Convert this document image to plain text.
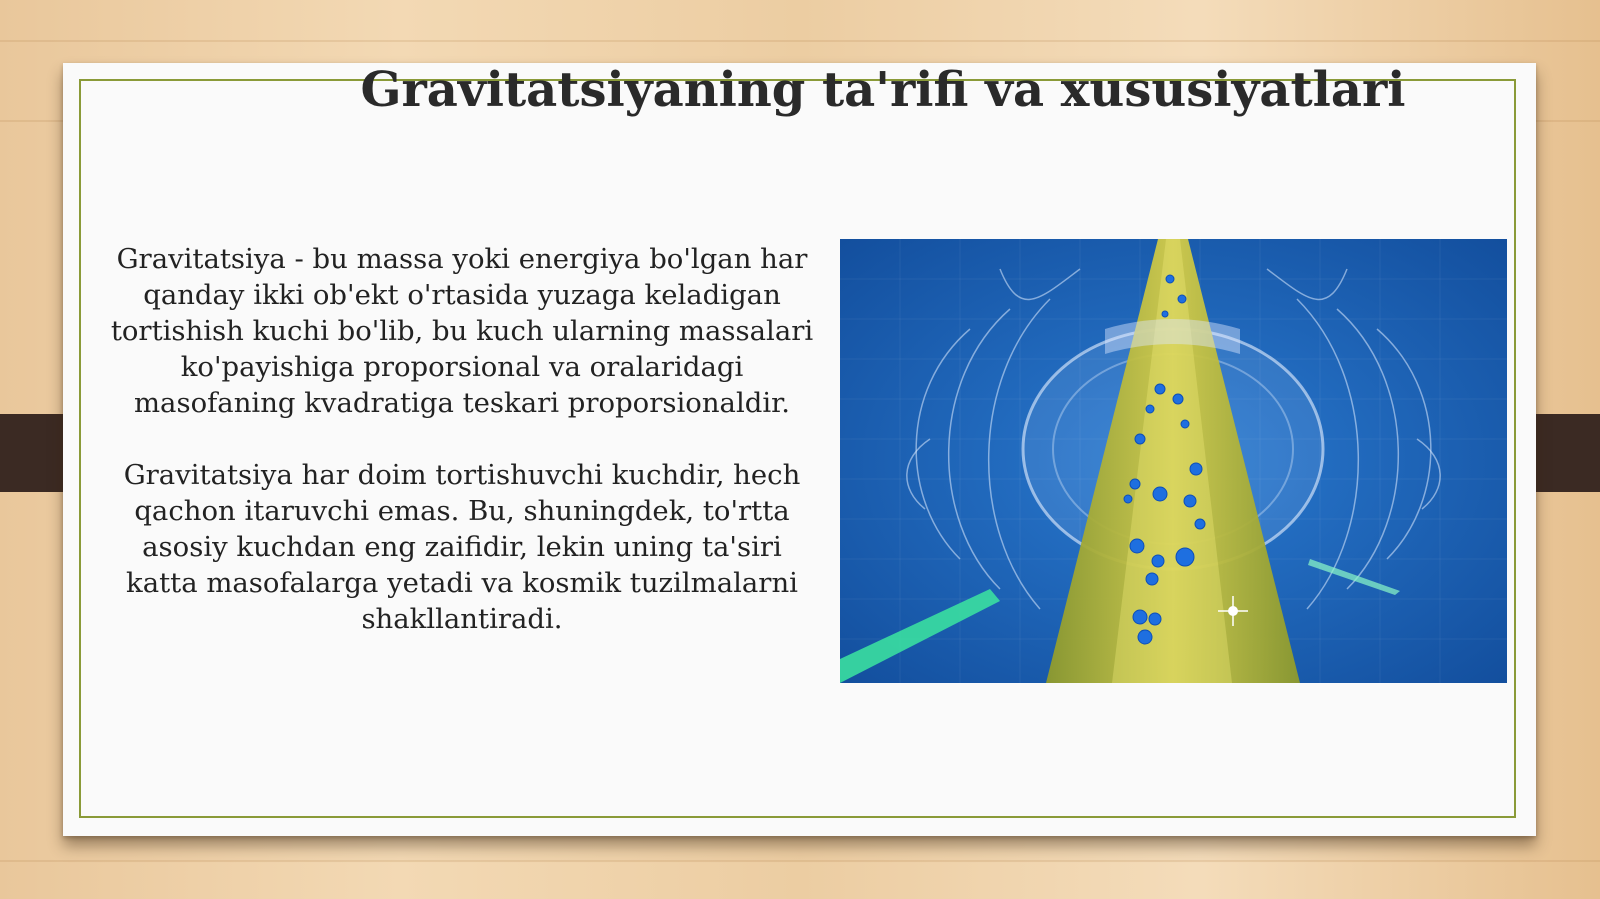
Gravitatsiyaning ta'rifi va xususiyatlari

Gravitatsiya - bu massa yoki energiya bo'lgan har qanday ikki ob'ekt o'rtasida yuzaga keladigan tortishish kuchi bo'lib, bu kuch ularning massalari ko'payishiga proporsional va oralaridagi masofaning kvadratiga teskari proporsionaldir.

Gravitatsiya har doim tortishuvchi kuchdir, hech qachon itaruvchi emas. Bu, shuningdek, to'rtta asosiy kuchdan eng zaifidir, lekin uning ta'siri katta masofalarga yetadi va kosmik tuzilmalarni shakllantiradi.
